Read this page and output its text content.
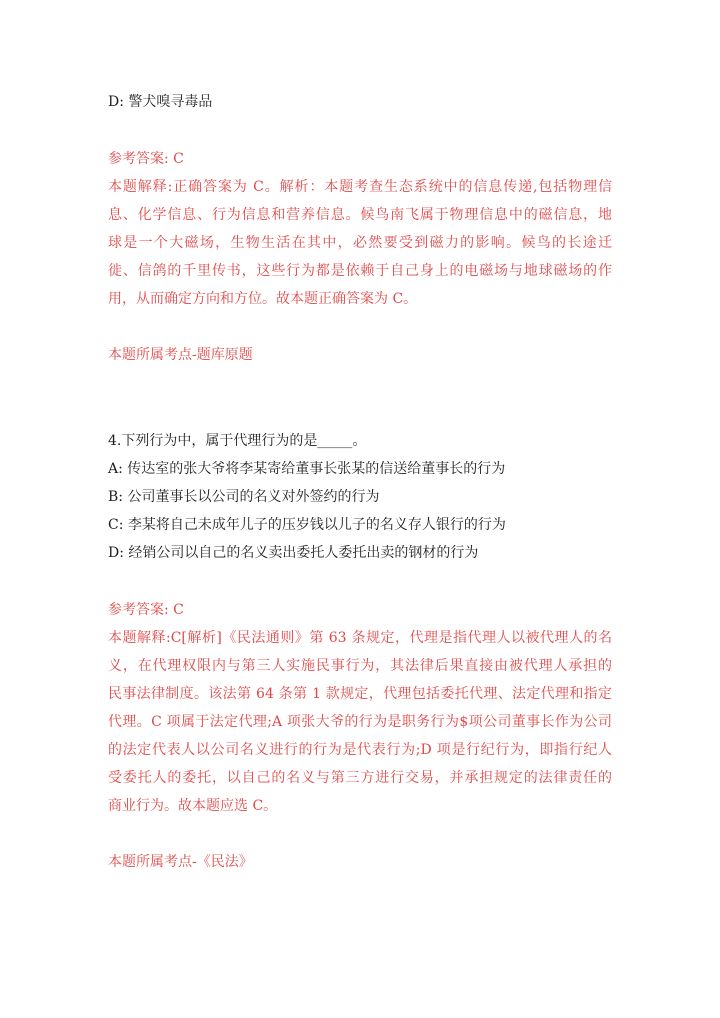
D: 警犬嗅寻毒品
参考答案: C
本题解释:正确答案为 C。解析：本题考查生态系统中的信息传递,包括物理信
息、化学信息、行为信息和营养信息。候鸟南飞属于物理信息中的磁信息，地
球是一个大磁场，生物生活在其中，必然要受到磁力的影响。候鸟的长途迁
徙、信鸽的千里传书，这些行为都是依赖于自己身上的电磁场与地球磁场的作
用，从而确定方向和方位。故本题正确答案为 C。
本题所属考点-题库原题
4.下列行为中，属于代理行为的是_____。
A: 传达室的张大爷将李某寄给董事长张某的信送给董事长的行为
B: 公司董事长以公司的名义对外签约的行为
C: 李某将自己未成年儿子的压岁钱以儿子的名义存人银行的行为
D: 经销公司以自己的名义卖出委托人委托出卖的钢材的行为
参考答案: C
本题解释:C[解析]《民法通则》第 63 条规定，代理是指代理人以被代理人的名
义，在代理权限内与第三人实施民事行为，其法律后果直接由被代理人承担的
民事法律制度。该法第 64 条第 1 款规定，代理包括委托代理、法定代理和指定
代理。C 项属于法定代理;A 项张大爷的行为是职务行为$项公司董事长作为公司
的法定代表人以公司名义进行的行为是代表行为;D 项是行纪行为，即指行纪人
受委托人的委托，以自己的名义与第三方进行交易，并承担规定的法律责任的
商业行为。故本题应选 C。
本题所属考点-《民法》
